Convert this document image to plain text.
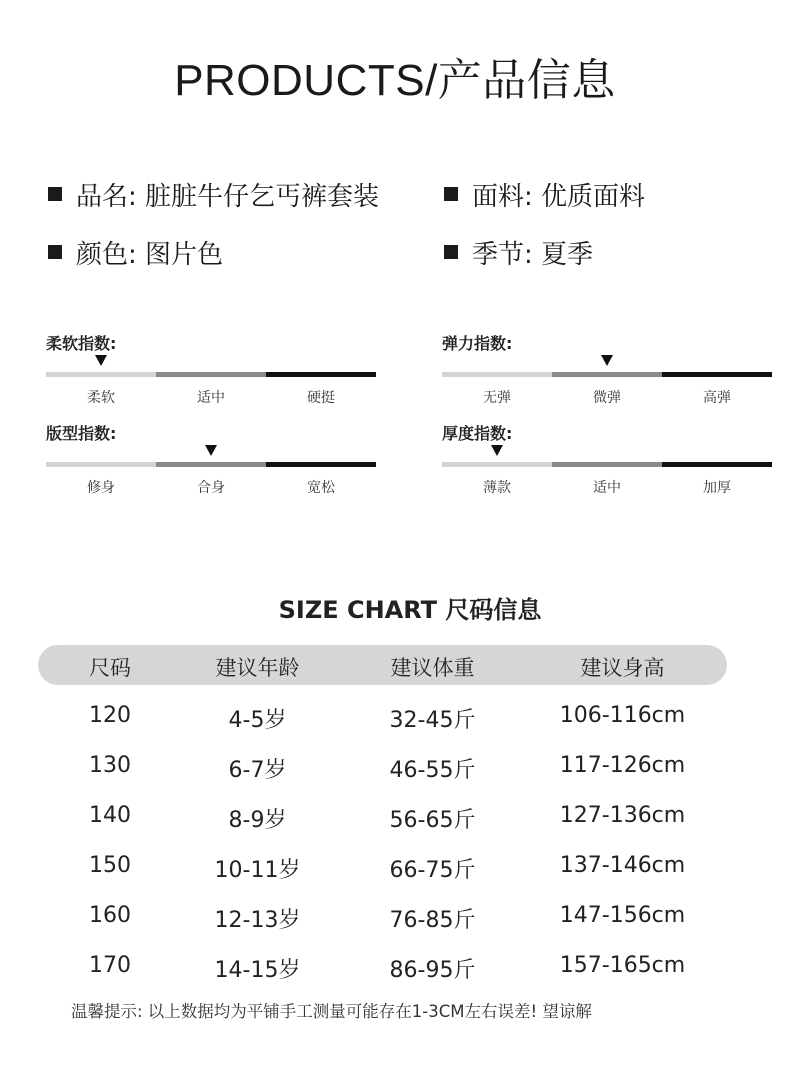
PRODUCTS/产品信息
品名: 脏脏牛仔乞丐裤套装	面料: 优质面料
颜色: 图片色	季节: 夏季
柔软指数:
柔软	适中	硬挺
弹力指数:
无弹	微弹	高弹
版型指数:
修身	合身	宽松
厚度指数:
薄款	适中	加厚
SIZE CHART 尺码信息
尺码	建议年龄	建议体重	建议身高
120	4-5岁	32-45斤	106-116cm
130	6-7岁	46-55斤	117-126cm
140	8-9岁	56-65斤	127-136cm
150	10-11岁	66-75斤	137-146cm
160	12-13岁	76-85斤	147-156cm
170	14-15岁	86-95斤	157-165cm
温馨提示: 以上数据均为平铺手工测量可能存在1-3CM左右误差! 望谅解
